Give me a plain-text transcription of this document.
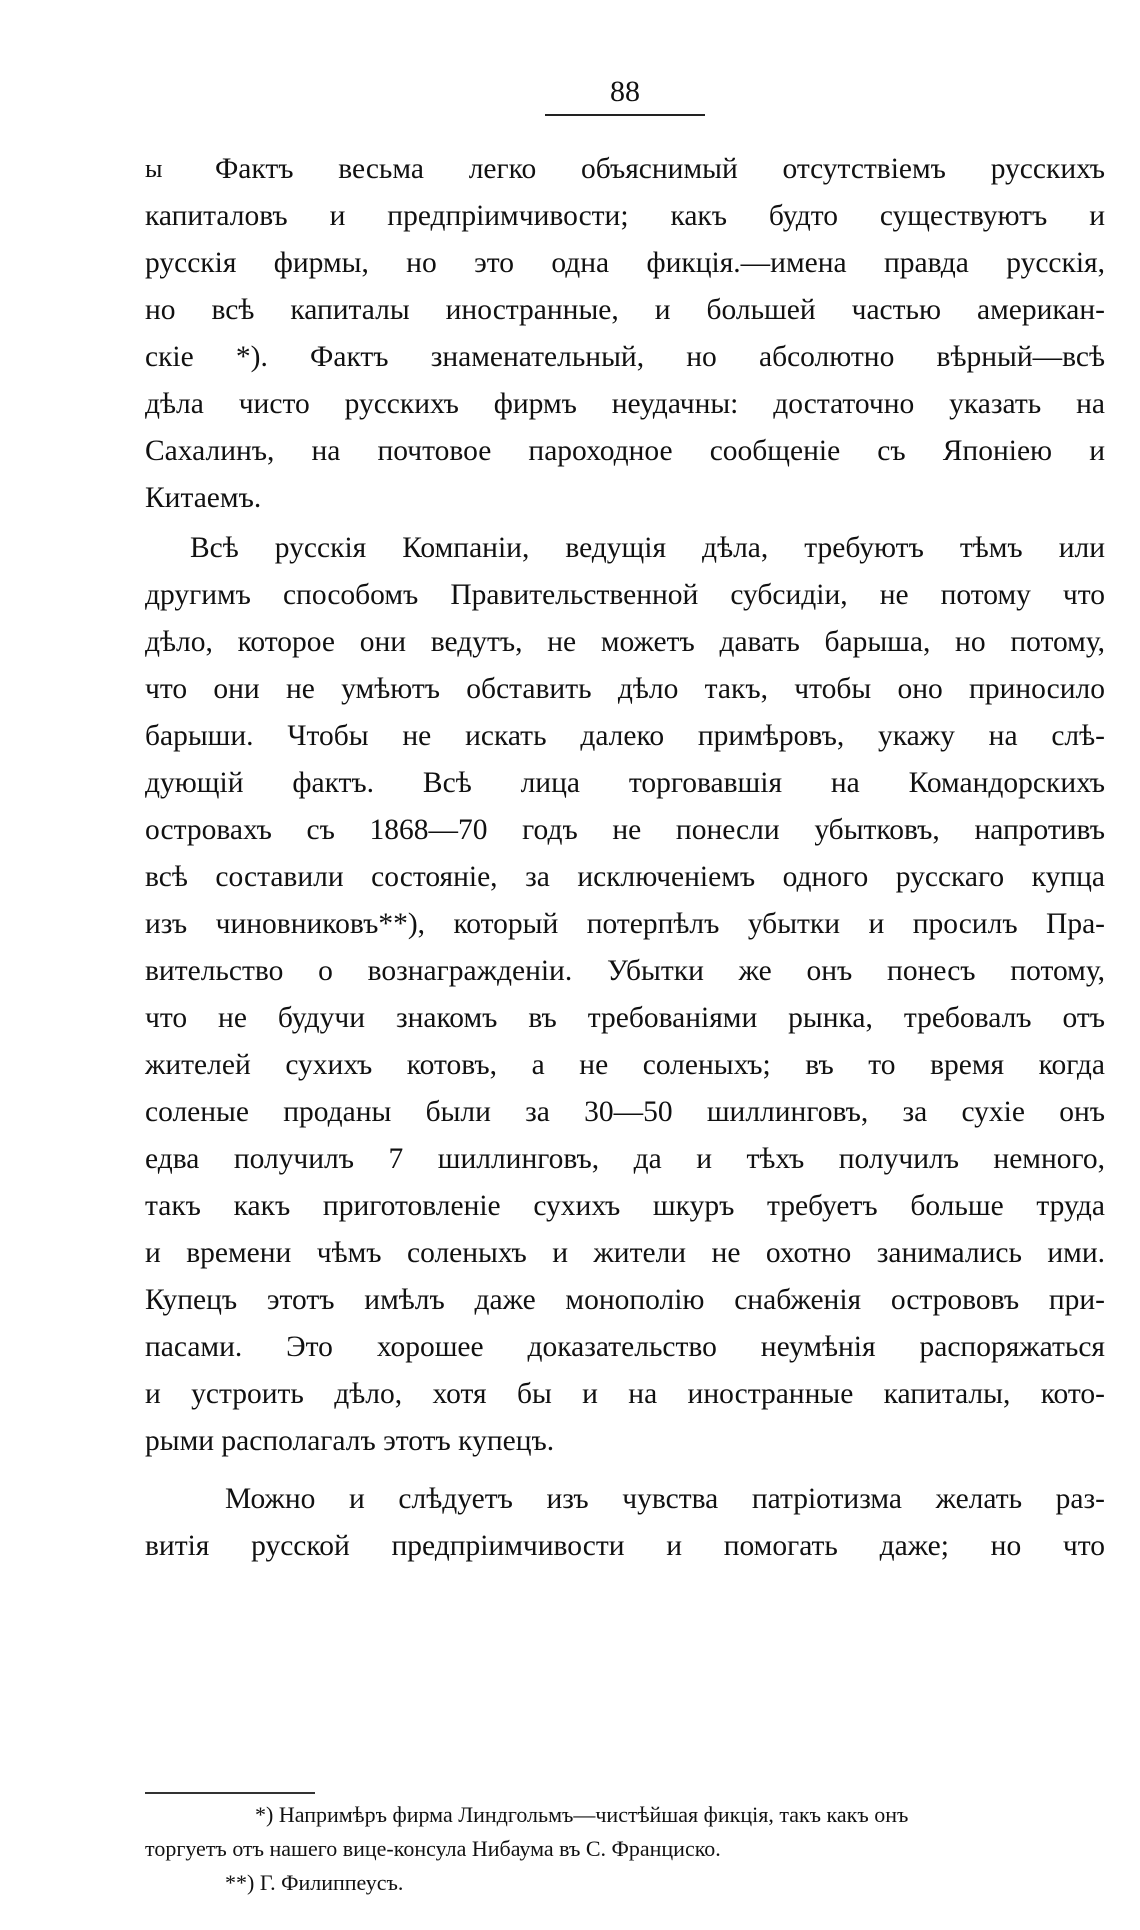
88
ы Фактъ весьма легко объяснимый отсутствіемъ русскихъ
капиталовъ и предпріимчивости; какъ будто существуютъ и
русскія фирмы, но это одна фикція.—имена правда русскія,
но всѣ капиталы иностранные, и большей частью американ-
скіе *). Фактъ знаменательный, но абсолютно вѣрный—всѣ
дѣла чисто русскихъ фирмъ неудачны: достаточно указать на
Сахалинъ, на почтовое пароходное сообщеніе съ Японіею и
Китаемъ.
Всѣ русскія Компаніи, ведущія дѣла, требуютъ тѣмъ или
другимъ способомъ Правительственной субсидіи, не потому что
дѣло, которое они ведутъ, не можетъ давать барыша, но потому,
что они не умѣютъ обставить дѣло такъ, чтобы оно приносило
барыши. Чтобы не искать далеко примѣровъ, укажу на слѣ-
дующій фактъ. Всѣ лица торговавшія на Командорскихъ
островахъ съ 1868—70 годъ не понесли убытковъ, напротивъ
всѣ составили состояніе, за исключеніемъ одного русскаго купца
изъ чиновниковъ**), который потерпѣлъ убытки и просилъ Пра-
вительство о вознагражденіи. Убытки же онъ понесъ потому,
что не будучи знакомъ въ требованіями рынка, требовалъ отъ
жителей сухихъ котовъ, а не соленыхъ; въ то время когда
соленые проданы были за 30—50 шиллинговъ, за сухіе онъ
едва получилъ 7 шиллинговъ, да и тѣхъ получилъ немного,
такъ какъ приготовленіе сухихъ шкуръ требуетъ больше труда
и времени чѣмъ соленыхъ и жители не охотно занимались ими.
Купецъ этотъ имѣлъ даже монополію снабженія острововъ при-
пасами. Это хорошее доказательство неумѣнія распоряжаться
и устроить дѣло, хотя бы и на иностранные капиталы, кото-
рыми располагалъ этотъ купецъ.
Можно и слѣдуетъ изъ чувства патріотизма желать раз-
витія русской предпріимчивости и помогать даже; но что
*) Напримѣръ фирма Линдгольмъ—чистѣйшая фикція, такъ какъ онъ
торгуетъ отъ нашего вице-консула Нибаума въ С. Франциско.
**) Г. Филиппеусъ.
